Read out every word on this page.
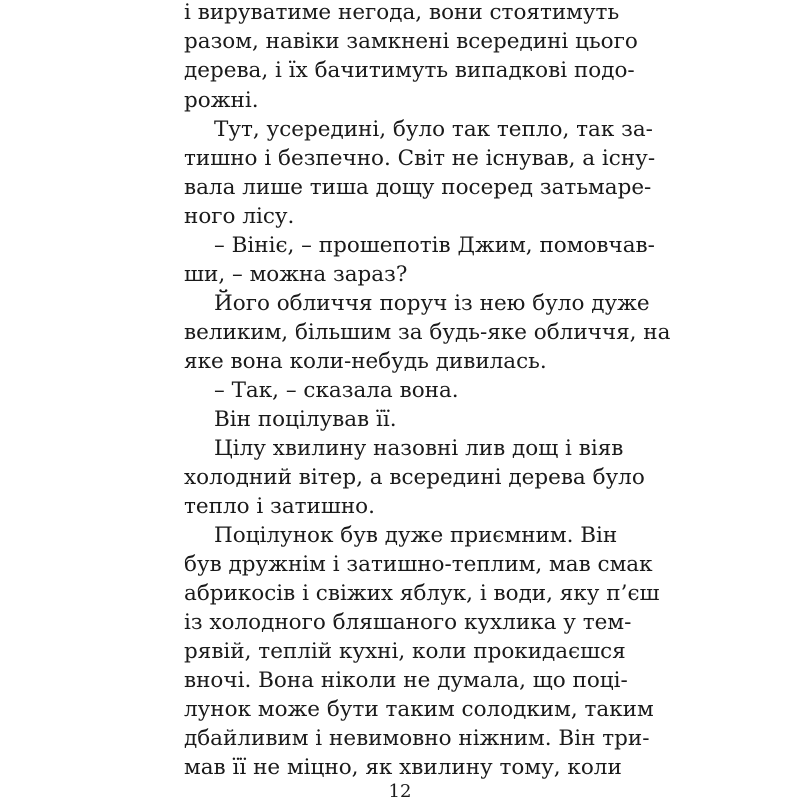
і вируватиме негода, вони стоятимуть
разом, навіки замкнені всередині цього
дерева, і їх бачитимуть випадкові подо-
рожні.
Тут, усередині, було так тепло, так за-
тишно і безпечно. Світ не існував, а існу-
вала лише тиша дощу посеред затьмаре-
ного лісу.
– Вініє, – прошепотів Джим, помовчав-
ши, – можна зараз?
Його обличчя поруч із нею було дуже
великим, більшим за будь-яке обличчя, на
яке вона коли-небудь дивилась.
– Так, – сказала вона.
Він поцілував її.
Цілу хвилину назовні лив дощ і віяв
холодний вітер, а всередині дерева було
тепло і затишно.
Поцілунок був дуже приємним. Він
був дружнім і затишно-теплим, мав смак
абрикосів і свіжих яблук, і води, яку п’єш
із холодного бляшаного кухлика у тем-
рявій, теплій кухні, коли прокидаєшся
вночі. Вона ніколи не думала, що поці-
лунок може бути таким солодким, таким
дбайливим і невимовно ніжним. Він три-
мав її не міцно, як хвилину тому, коли
12
